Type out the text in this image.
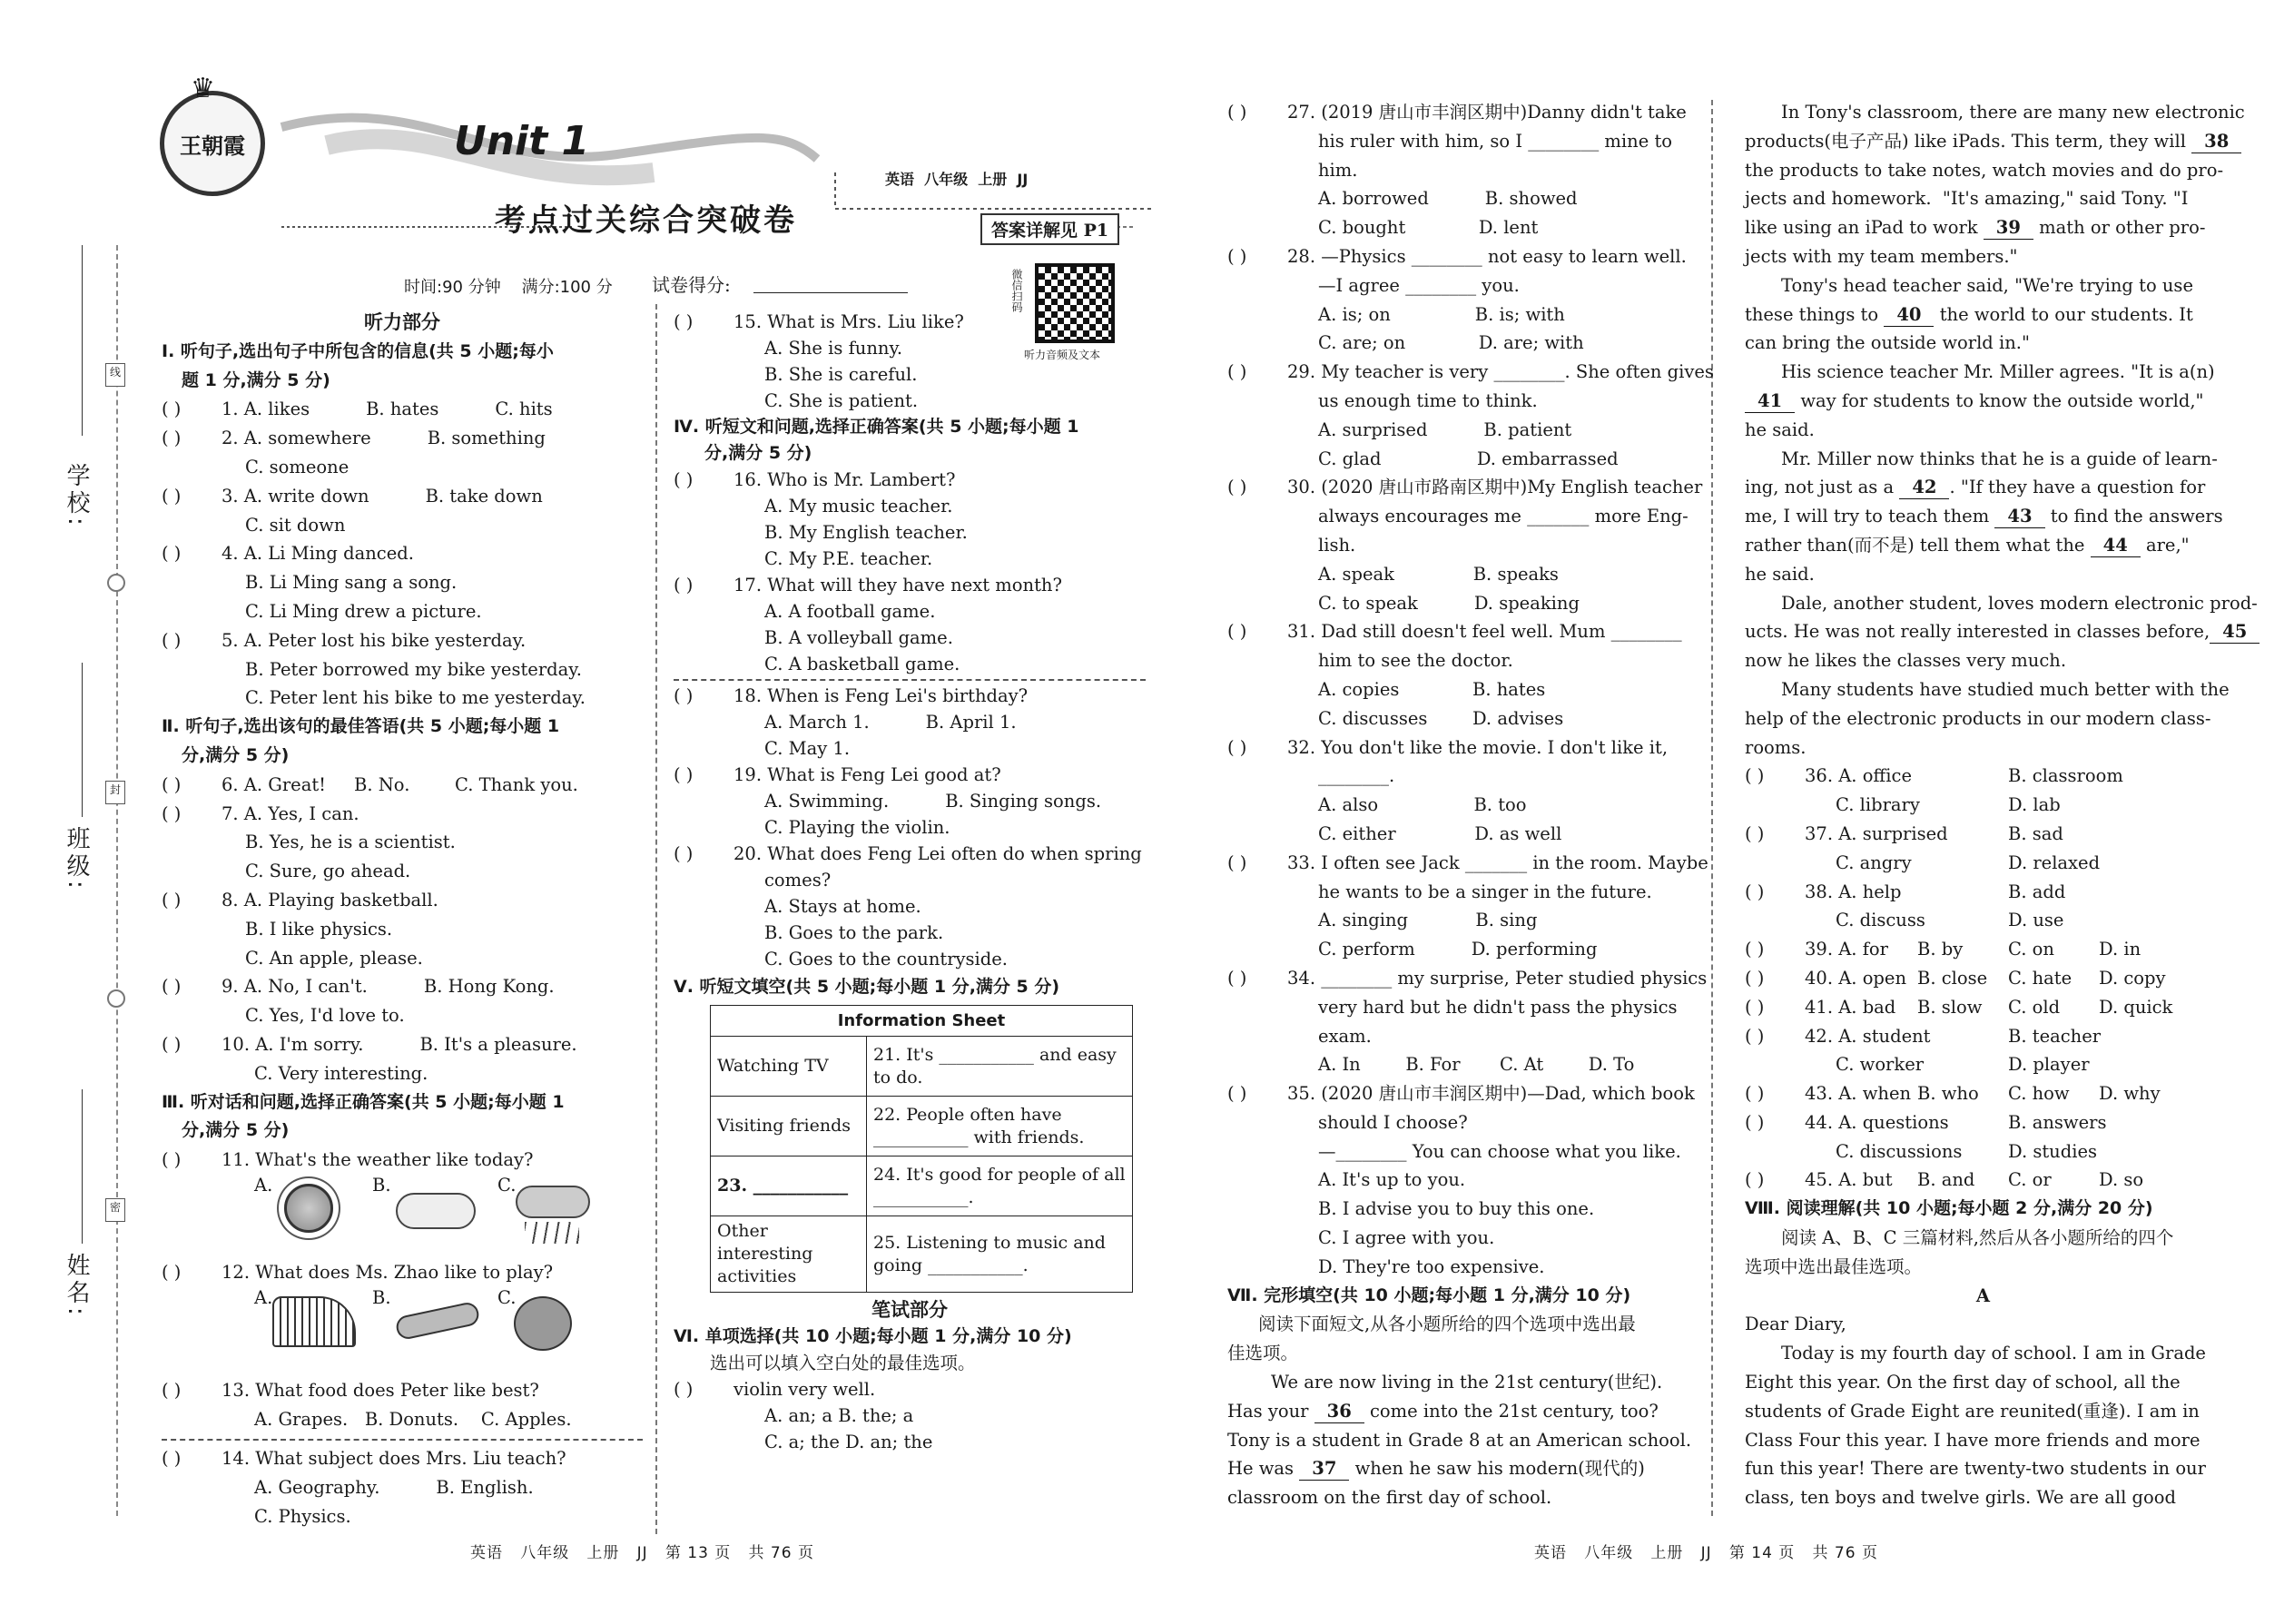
学校:
班级:
姓名:
线
封
密
王朝霞
♛
Unit 1
考点过关综合突破卷
英语  八年级  上册  JJ
答案详解见 P1
时间:90 分钟    满分:100 分 试卷得分:	微信扫码
听力音频及文本
听力部分
Ⅰ. 听句子,选出句子中所包含的信息(共 5 小题;每小
题 1 分,满分 5 分)
( ) 1. A. likes          B. hates          C. hits
( ) 2. A. somewhere          B. something
C. someone
( ) 3. A. write down          B. take down
C. sit down
( ) 4. A. Li Ming danced.
B. Li Ming sang a song.
C. Li Ming drew a picture.
( ) 5. A. Peter lost his bike yesterday.
B. Peter borrowed my bike yesterday.
C. Peter lent his bike to me yesterday.
Ⅱ. 听句子,选出该句的最佳答语(共 5 小题;每小题 1
分,满分 5 分)
( ) 6. A. Great!     B. No.        C. Thank you.
( ) 7. A. Yes, I can.
B. Yes, he is a scientist.
C. Sure, go ahead.
( ) 8. A. Playing basketball.
B. I like physics.
C. An apple, please.
( ) 9. A. No, I can't.          B. Hong Kong.
C. Yes, I'd love to.
( ) 10. A. I'm sorry.          B. It's a pleasure.
C. Very interesting.
Ⅲ. 听对话和问题,选择正确答案(共 5 小题;每小题 1
分,满分 5 分)
( ) 11. What's the weather like today?
A.	B.	C.
( ) 12. What does Ms. Zhao like to play?
A.	B.	C.
( ) 13. What food does Peter like best?
A. Grapes.   B. Donuts.    C. Apples.
( ) 14. What subject does Mrs. Liu teach?
A. Geography.          B. English.
C. Physics.
( ) 15. What is Mrs. Liu like?
A. She is funny.
B. She is careful.
C. She is patient.
Ⅳ. 听短文和问题,选择正确答案(共 5 小题;每小题 1
分,满分 5 分)
( ) 16. Who is Mr. Lambert?
A. My music teacher.
B. My English teacher.
C. My P.E. teacher.
( ) 17. What will they have next month?
A. A football game.
B. A volleyball game.
C. A basketball game.
( ) 18. When is Feng Lei's birthday?
A. March 1.          B. April 1.
C. May 1.
( ) 19. What is Feng Lei good at?
A. Swimming.          B. Singing songs.
C. Playing the violin.
( ) 20. What does Feng Lei often do when spring
comes?
A. Stays at home.
B. Goes to the park.
C. Goes to the countryside.
Ⅴ. 听短文填空(共 5 小题;每小题 1 分,满分 5 分)
Information Sheet	
Watching TV	21. It's ___________ and easy to do.
Visiting friends	22. People often have ___________ with friends.
23. ___________	24. It's good for people of all ___________.
Other interesting activities	25. Listening to music and going ___________.
笔试部分
Ⅵ. 单项选择(共 10 小题;每小题 1 分,满分 10 分)
选出可以填入空白处的最佳选项。
( ) violin very well.
A. an; a B. the; a
C. a; the D. an; the
( ) 27. (2019 唐山市丰润区期中)Danny didn't take
his ruler with him, so I ________ mine to
him.
A. borrowed          B. showed
C. bought             D. lent
( ) 28. —Physics ________ not easy to learn well.
—I agree ________ you.
A. is; on               B. is; with
C. are; on             D. are; with
( ) 29. My teacher is very ________. She often gives
us enough time to think.
A. surprised          B. patient
C. glad                 D. embarrassed
( ) 30. (2020 唐山市路南区期中)My English teacher
always encourages me _______ more Eng-
lish.
A. speak              B. speaks
C. to speak          D. speaking
( ) 31. Dad still doesn't feel well. Mum ________
him to see the doctor.
A. copies             B. hates
C. discusses        D. advises
( ) 32. You don't like the movie. I don't like it,
________.
A. also                 B. too
C. either              D. as well
( ) 33. I often see Jack _______ in the room. Maybe
he wants to be a singer in the future.
A. singing            B. sing
C. perform          D. performing
( ) 34. ________ my surprise, Peter studied physics
very hard but he didn't pass the physics
exam.
A. In        B. For       C. At        D. To
( ) 35. (2020 唐山市丰润区期中)—Dad, which book
should I choose?
—________ You can choose what you like.
A. It's up to you.
B. I advise you to buy this one.
C. I agree with you.
D. They're too expensive.
Ⅶ. 完形填空(共 10 小题;每小题 1 分,满分 10 分)
阅读下面短文,从各小题所给的四个选项中选出最
佳选项。
We are now living in the 21st century(世纪).
Has your 36 come into the 21st century, too?
Tony is a student in Grade 8 at an American school.
He was 37 when he saw his modern(现代的)
classroom on the first day of school.
In Tony's classroom, there are many new electronic
products(电子产品) like iPads. This term, they will 38
the products to take notes, watch movies and do pro-
jects and homework.  "It's amazing," said Tony. "I
like using an iPad to work 39 math or other pro-
jects with my team members."
Tony's head teacher said, "We're trying to use
these things to 40 the world to our students. It
can bring the outside world in."
His science teacher Mr. Miller agrees. "It is a(n)
41 way for students to know the outside world,"
he said.
Mr. Miller now thinks that he is a guide of learn-
ing, not just as a 42 . "If they have a question for
me, I will try to teach them 43 to find the answers
rather than(而不是) tell them what the 44 are,"
he said.
Dale, another student, loves modern electronic prod-
ucts. He was not really interested in classes before, 45
now he likes the classes very much.
Many students have studied much better with the
help of the electronic products in our modern class-
rooms.
( ) 36. A. office	B. classroom
C. library	D. lab
( ) 37. A. surprised	B. sad
C. angry	D. relaxed
( ) 38. A. help	B. add
C. discuss	D. use
( ) 39. A. for B. by	C. on	D. in
( ) 40. A. open B. close C. hate D. copy
( ) 41. A. bad B. slow C. old D. quick
( ) 42. A. student	B. teacher
C. worker	D. player
( ) 43. A. when B. who C. how D. why
( ) 44. A. questions	B. answers
C. discussions	D. studies
( ) 45. A. but B. and C. or	D. so
Ⅷ. 阅读理解(共 10 小题;每小题 2 分,满分 20 分)
阅读 A、B、C 三篇材料,然后从各小题所给的四个
选项中选出最佳选项。
A
Dear Diary,
Today is my fourth day of school. I am in Grade
Eight this year. On the first day of school, all the
students of Grade Eight are reunited(重逢). I am in
Class Four this year. I have more friends and more
fun this year! There are twenty-two students in our
class, ten boys and twelve girls. We are all good
英语   八年级   上册   JJ   第 13 页   共 76 页	英语   八年级   上册   JJ   第 14 页   共 76 页
